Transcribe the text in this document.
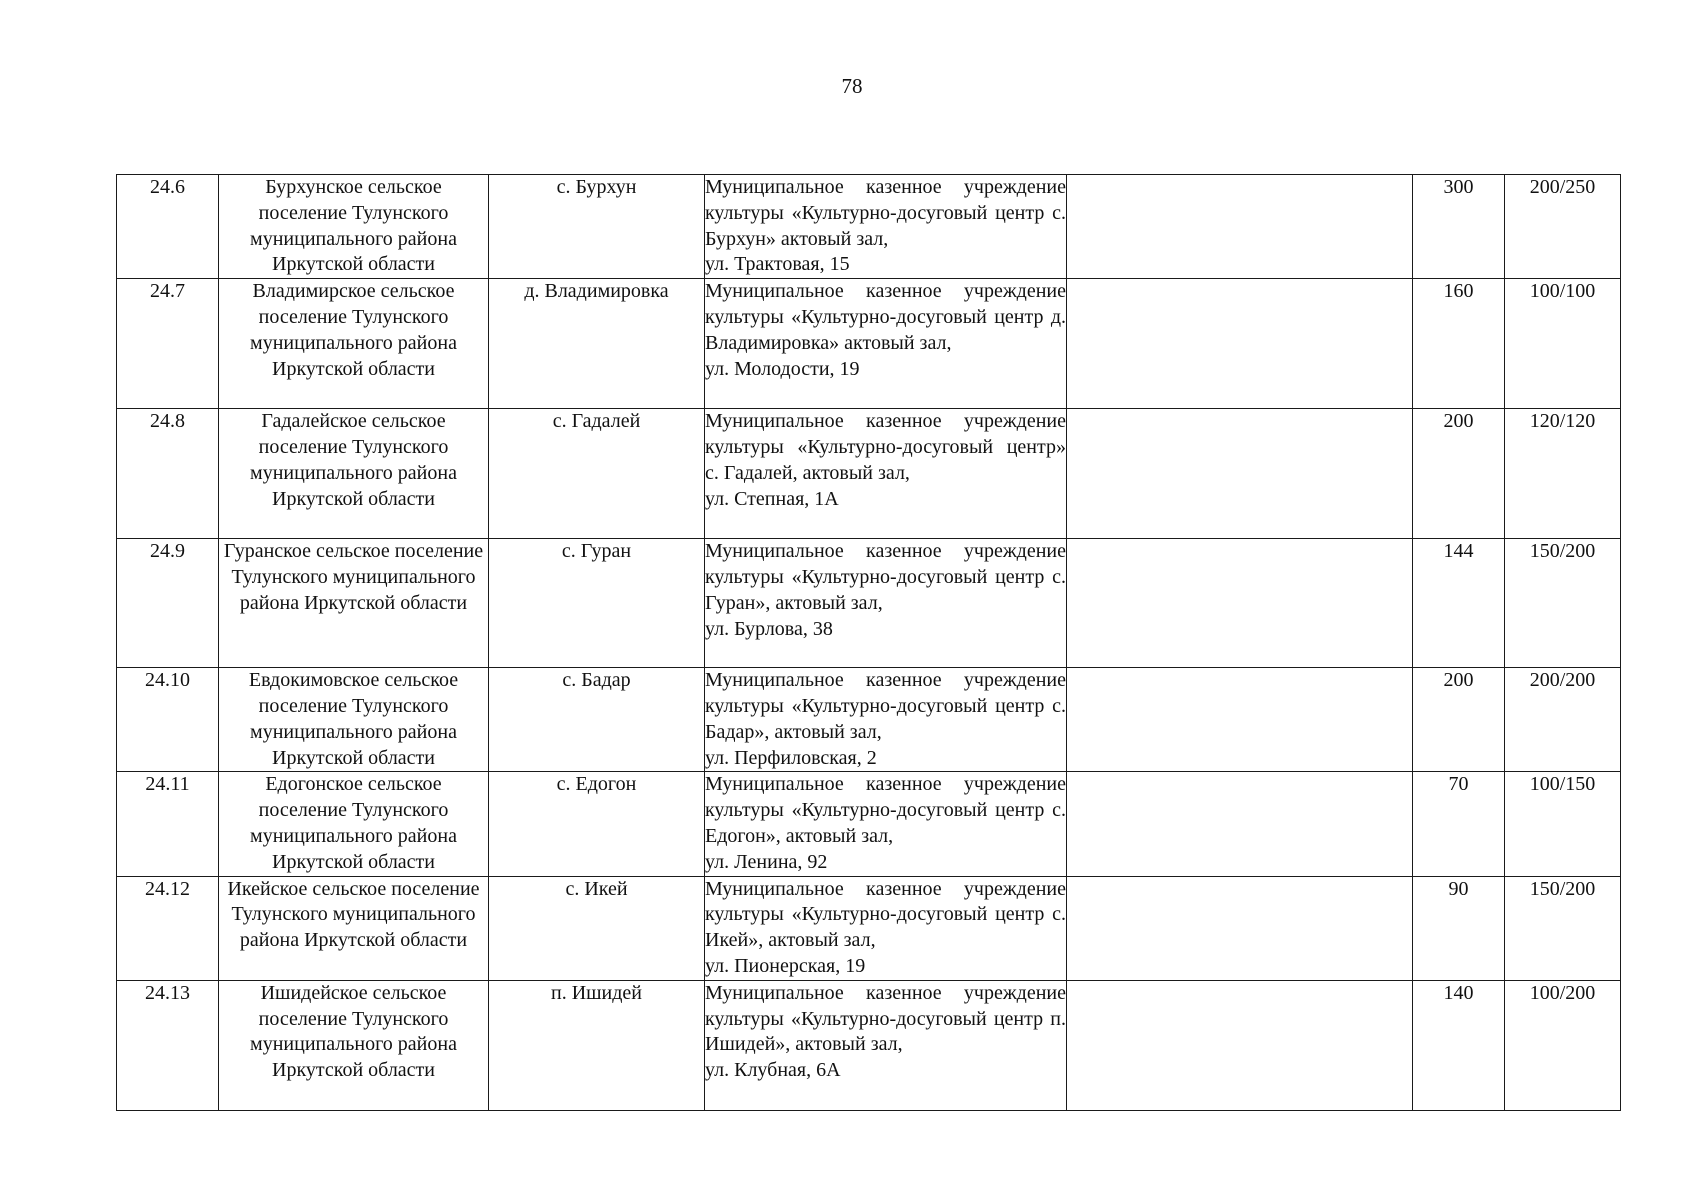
78
24.6	Бурхунское сельское поселение Тулунского муниципального района Иркутской области	с. Бурхун	Муниципальное казенное учреждение культуры «Культурно-досуговый центр с. Бурхун» актовый зал,
ул. Трактовая, 15		300	200/250
24.7	Владимирское сельское поселение Тулунского муниципального района Иркутской области	д. Владимировка	Муниципальное казенное учреждение культуры «Культурно-досуговый центр д. Владимировка» актовый зал,
ул. Молодости, 19		160	100/100
24.8	Гадалейское сельское поселение Тулунского муниципального района Иркутской области	с. Гадалей	Муниципальное казенное учреждение культуры «Культурно-досуговый центр» с. Гадалей, актовый зал,
ул. Степная, 1А		200	120/120
24.9	Гуранское сельское поселение Тулунского муниципального района Иркутской области	с. Гуран	Муниципальное казенное учреждение культуры «Культурно-досуговый центр с. Гуран», актовый зал,
ул. Бурлова, 38		144	150/200
24.10	Евдокимовское сельское поселение Тулунского муниципального района Иркутской области	с. Бадар	Муниципальное казенное учреждение культуры «Культурно-досуговый центр с. Бадар», актовый зал,
ул. Перфиловская, 2		200	200/200
24.11	Едогонское сельское поселение Тулунского муниципального района Иркутской области	с. Едогон	Муниципальное казенное учреждение культуры «Культурно-досуговый центр с. Едогон», актовый зал,
ул. Ленина, 92		70	100/150
24.12	Икейское сельское поселение Тулунского муниципального района Иркутской области	с. Икей	Муниципальное казенное учреждение культуры «Культурно-досуговый центр с. Икей», актовый зал,
ул. Пионерская, 19		90	150/200
24.13	Ишидейское сельское поселение Тулунского муниципального района Иркутской области	п. Ишидей	Муниципальное казенное учреждение культуры «Культурно-досуговый центр п. Ишидей», актовый зал,
ул. Клубная, 6А		140	100/200
